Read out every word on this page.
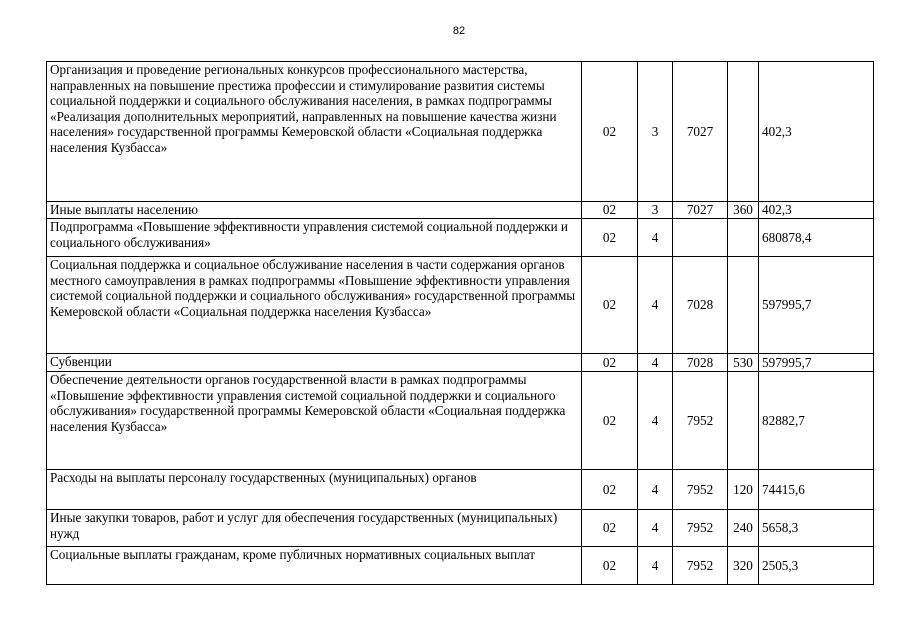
82
Организация и проведение региональных конкурсов профессионального мастерства, направленных на повышение престижа профессии и стимулирование развития системы социальной поддержки и социального обслуживания населения, в рамках подпрограммы «Реализация дополнительных мероприятий, направленных на повышение качества жизни населения» государственной программы Кемеровской области «Социальная поддержка населения Кузбасса»	02	3	7027		402,3
Иные выплаты населению	02	3	7027	360	402,3
Подпрограмма «Повышение эффективности управления системой социальной поддержки и социального обслуживания»	02	4			680878,4
Социальная поддержка и социальное обслуживание населения в части содержания органов местного самоуправления в рамках подпрограммы «Повышение эффективности управления системой социальной поддержки и социального обслуживания» государственной программы Кемеровской области «Социальная поддержка населения Кузбасса»	02	4	7028		597995,7
Субвенции	02	4	7028	530	597995,7
Обеспечение деятельности органов государственной власти в рамках подпрограммы «Повышение эффективности управления системой социальной поддержки и социального обслуживания» государственной программы Кемеровской области «Социальная поддержка населения Кузбасса»	02	4	7952		82882,7
Расходы на выплаты персоналу государственных (муниципальных) органов	02	4	7952	120	74415,6
Иные закупки товаров, работ и услуг для обеспечения государственных (муниципальных) нужд	02	4	7952	240	5658,3
Социальные выплаты гражданам, кроме публичных нормативных социальных выплат	02	4	7952	320	2505,3
